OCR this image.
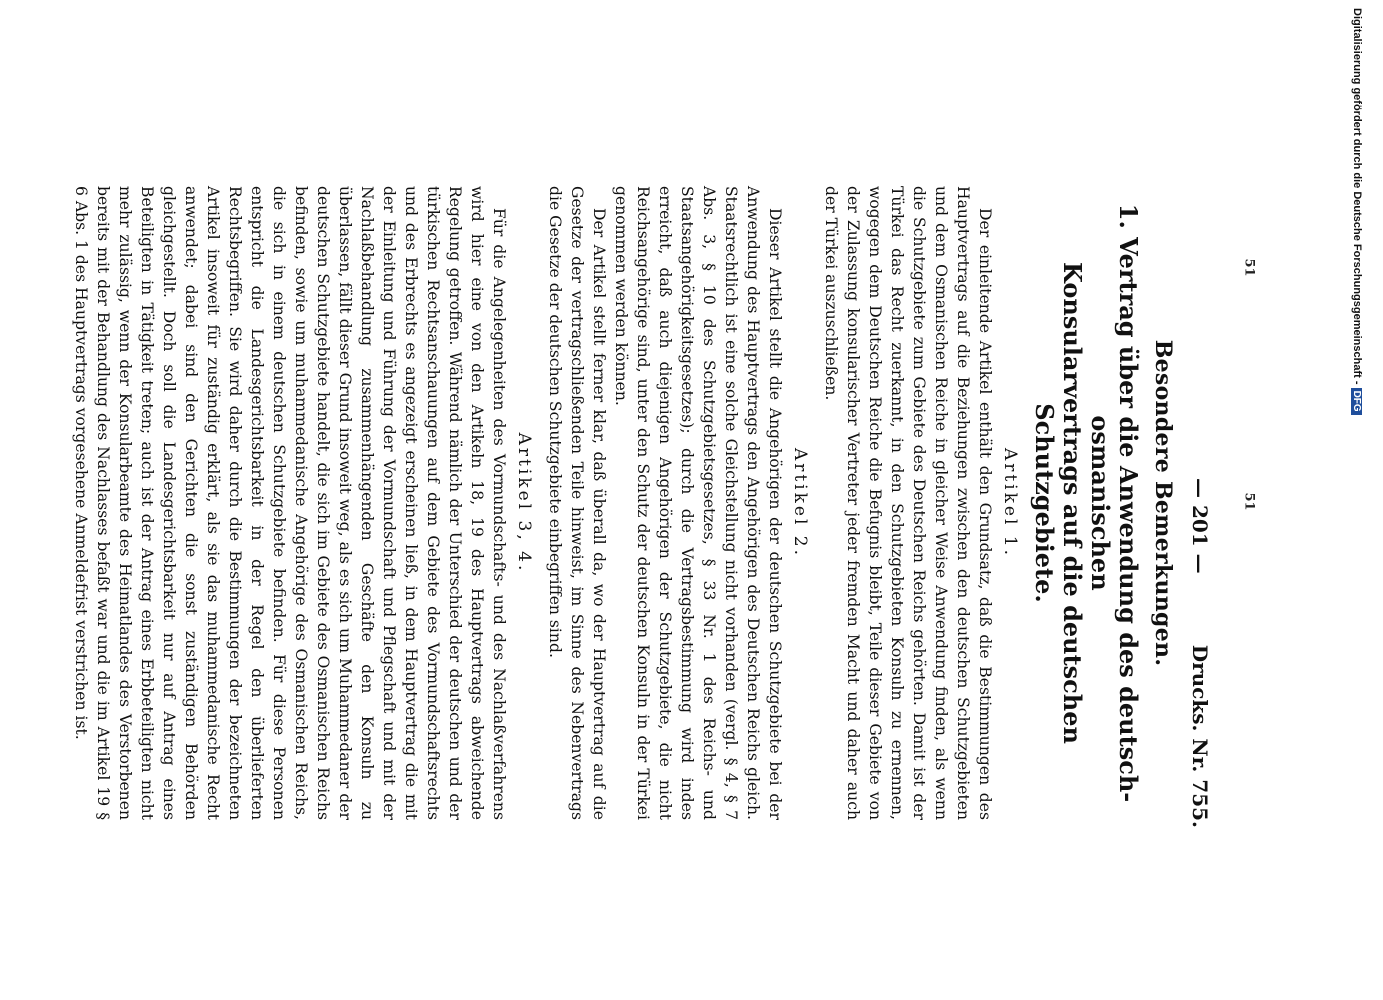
— 201 —
Drucks. Nr. 755.
Besondere Bemerkungen.
1. Vertrag über die Anwendung des deutsch-osmanischen
Konsularvertrags auf die deutschen Schutzgebiete.
Artikel 1.

Der einleitende Artikel enthält den Grundsatz, daß die Bestimmungen des Hauptvertrags auf die Beziehungen zwischen den deutschen Schutzgebieten und dem Osmanischen Reiche in gleicher Weise Anwendung finden, als wenn die Schutzgebiete zum Gebiete des Deutschen Reichs gehörten. Damit ist der Türkei das Recht zuerkannt, in den Schutzgebieten Konsuln zu ernennen, wogegen dem Deutschen Reiche die Befugnis bleibt, Teile dieser Gebiete von der Zulassung konsularischer Vertreter jeder fremden Macht und daher auch der Türkei auszuschließen.

Artikel 2.

Dieser Artikel stellt die Angehörigen der deutschen Schutzgebiete bei der Anwendung des Hauptvertrags den Angehörigen des Deutschen Reichs gleich. Staatsrechtlich ist eine solche Gleichstellung nicht vorhanden (vergl. § 4, § 7 Abs. 3, § 10 des Schutzgebietsgesetzes, § 33 Nr. 1 des Reichs- und Staatsangehörigkeitsgesetzes); durch die Vertragsbestimmung wird indes erreicht, daß auch diejenigen Angehörigen der Schutzgebiete, die nicht Reichsangehörige sind, unter den Schutz der deutschen Konsuln in der Türkei genommen werden können.

Der Artikel stellt ferner klar, daß überall da, wo der Hauptvertrag auf die Gesetze der vertragschließenden Teile hinweist, im Sinne des Nebenvertrags die Gesetze der deutschen Schutzgebiete einbegriffen sind.

Artikel 3, 4.

Für die Angelegenheiten des Vormundschafts- und des Nachlaßverfahrens wird hier eine von den Artikeln 18, 19 des Hauptvertrags abweichende Regelung getroffen. Während nämlich der Unterschied der deutschen und der türkischen Rechtsanschauungen auf dem Gebiete des Vormundschaftsrechts und des Erbrechts es angezeigt erscheinen ließ, in dem Hauptvertrag die mit der Einleitung und Führung der Vormundschaft und Pflegschaft und mit der Nachlaßbehandlung zusammenhängenden Geschäfte den Konsuln zu überlassen, fällt dieser Grund insoweit weg, als es sich um Muhammedaner der deutschen Schutzgebiete handelt, die sich im Gebiete des Osmanischen Reichs befinden, sowie um muhammedanische Angehörige des Osmanischen Reichs, die sich in einem deutschen Schutzgebiete befinden. Für diese Personen entspricht die Landesgerichtsbarkeit in der Regel den überlieferten Rechtsbegriffen. Sie wird daher durch die Bestimmungen der bezeichneten Artikel insoweit für zuständig erklärt, als sie das muhammedanische Recht anwendet; dabei sind den Gerichten die sonst zuständigen Behörden gleichgestellt. Doch soll die Landesgerichtsbarkeit nur auf Antrag eines Beteiligten in Tätigkeit treten; auch ist der Antrag eines Erbbeteiligten nicht mehr zulässig, wenn der Konsularbeamte des Heimatlandes des Verstorbenen bereits mit der Behandlung des Nachlasses befaßt war und die im Artikel 19 § 6 Abs. 1 des Hauptvertrags vorgesehene Anmeldefrist verstrichen ist.	51
51
Digitalisierung gefördert durch die Deutsche Forschungsgemeinschaft - DFG
